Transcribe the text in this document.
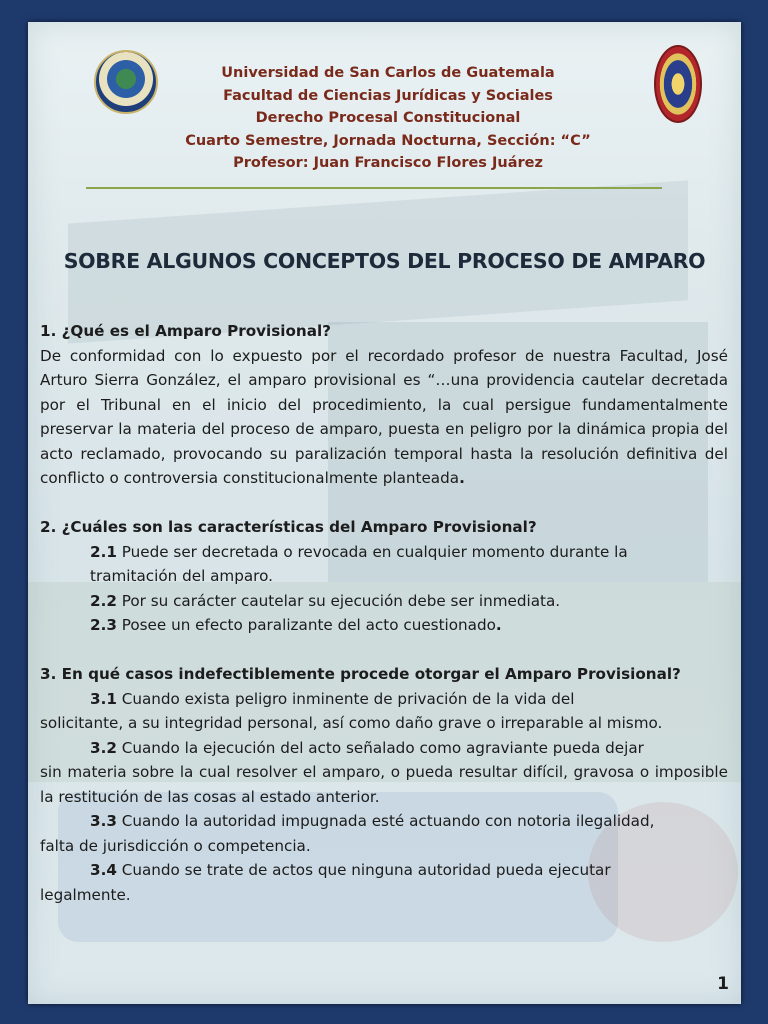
Universidad de San Carlos de Guatemala
Facultad de Ciencias Jurídicas y Sociales
Derecho Procesal Constitucional
Cuarto Semestre, Jornada Nocturna, Sección: “C”
Profesor: Juan Francisco Flores Juárez
SOBRE ALGUNOS CONCEPTOS DEL PROCESO DE AMPARO
1. ¿Qué es el Amparo Provisional?

De conformidad con lo expuesto por el recordado profesor de nuestra Facultad, José Arturo Sierra González, el amparo provisional es “…una providencia cautelar decretada por el Tribunal en el inicio del procedimiento, la cual persigue fundamentalmente preservar la materia del proceso de amparo, puesta en peligro por la dinámica propia del acto reclamado, provocando su paralización temporal hasta la resolución definitiva del conflicto o controversia constitucionalmente planteada.

2. ¿Cuáles son las características del Amparo Provisional?

2.1 Puede ser decretada o revocada en cualquier momento durante la

tramitación del amparo.

2.2 Por su carácter cautelar su ejecución debe ser inmediata.

2.3 Posee un efecto paralizante del acto cuestionado.

3. En qué casos indefectiblemente procede otorgar el Amparo Provisional?

3.1 Cuando exista peligro inminente de privación de la vida del

solicitante, a su integridad personal, así como daño grave o irreparable al mismo.

3.2 Cuando la ejecución del acto señalado como agraviante pueda dejar

sin materia sobre la cual resolver el amparo, o pueda resultar difícil, gravosa o imposible la restitución de las cosas al estado anterior.

3.3 Cuando la autoridad impugnada esté actuando con notoria ilegalidad,

falta de jurisdicción o competencia.

3.4 Cuando se trate de actos que ninguna autoridad pueda ejecutar

legalmente.

1
